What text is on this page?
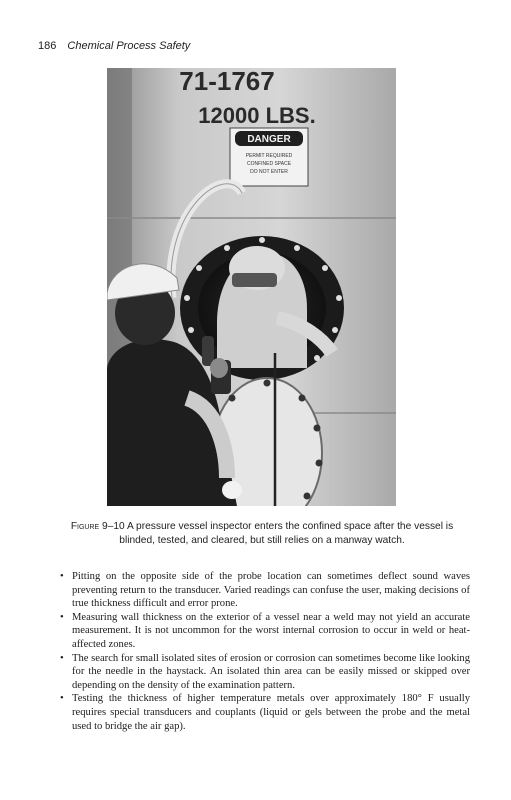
186 Chemical Process Safety
71-1767
12000 LBS.
DANGER
PERMIT REQUIRED
CONFINED SPACE
DO NOT ENTER
Figure 9–10 A pressure vessel inspector enters the confined space after the vessel is blinded, tested, and cleared, but still relies on a manway watch.
• Pitting on the opposite side of the probe location can sometimes deflect sound waves preventing return to the transducer. Varied readings can confuse the user, making decisions of true thickness difficult and error prone.
• Measuring wall thickness on the exterior of a vessel near a weld may not yield an accurate measurement. It is not uncommon for the worst internal corrosion to occur in weld or heat-affected zones.
• The search for small isolated sites of erosion or corrosion can sometimes become like looking for the needle in the haystack. An isolated thin area can be easily missed or skipped over depending on the density of the examination pattern.
• Testing the thickness of higher temperature metals over approximately 180° F usually requires special transducers and couplants (liquid or gels between the probe and the metal used to bridge the air gap).
